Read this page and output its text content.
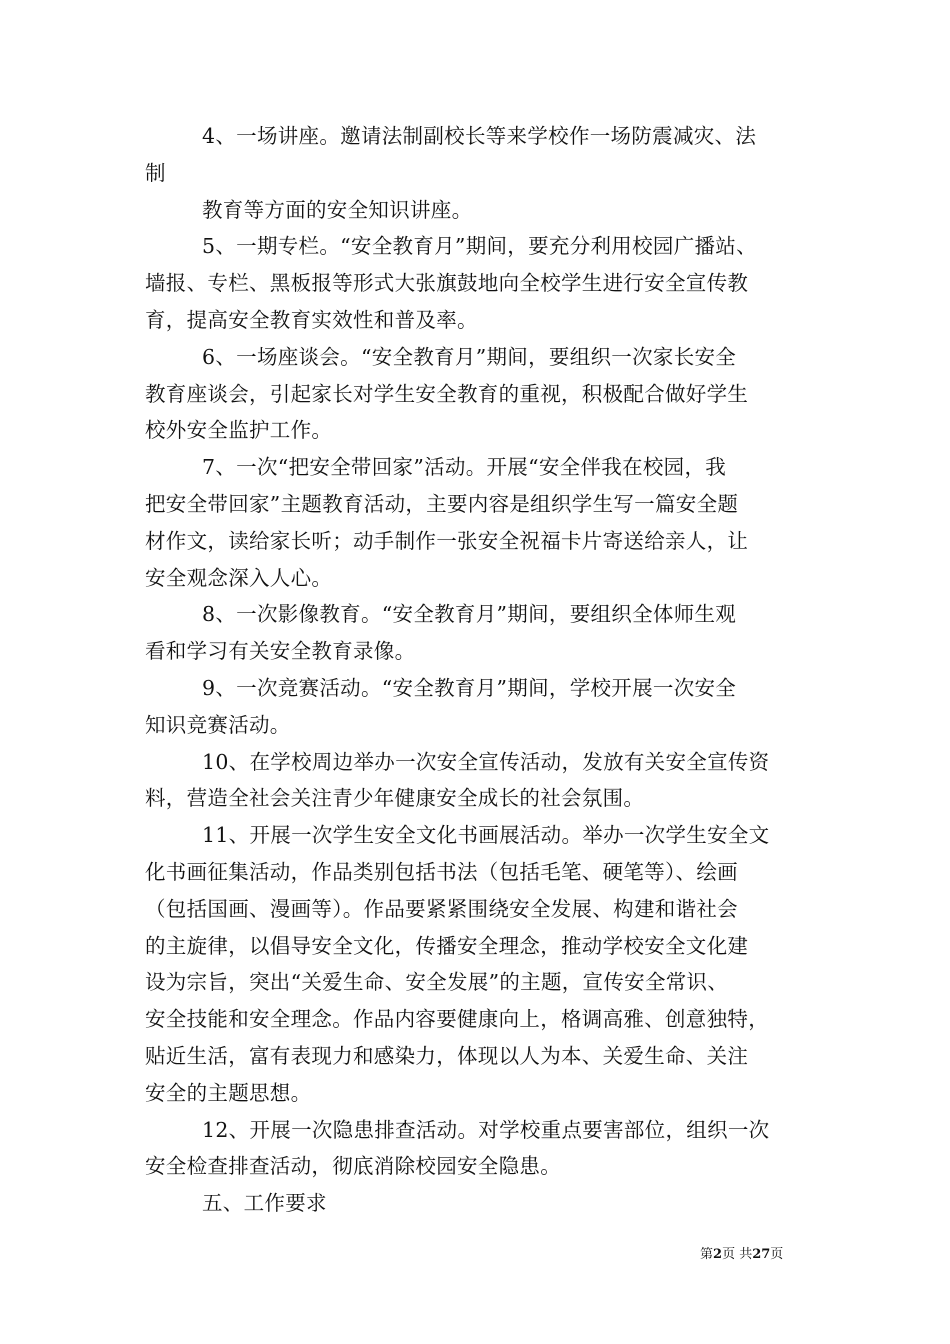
4、一场讲座。邀请法制副校长等来学校作一场防震减灾、法
制
教育等方面的安全知识讲座。
5、一期专栏。“安全教育月”期间，要充分利用校园广播站、
墙报、专栏、黑板报等形式大张旗鼓地向全校学生进行安全宣传教
育，提高安全教育实效性和普及率。
6、一场座谈会。“安全教育月”期间，要组织一次家长安全
教育座谈会，引起家长对学生安全教育的重视，积极配合做好学生
校外安全监护工作。
7、一次“把安全带回家”活动。开展“安全伴我在校园，我
把安全带回家”主题教育活动，主要内容是组织学生写一篇安全题
材作文，读给家长听；动手制作一张安全祝福卡片寄送给亲人，让
安全观念深入人心。
8、一次影像教育。“安全教育月”期间，要组织全体师生观
看和学习有关安全教育录像。
9、一次竞赛活动。“安全教育月”期间，学校开展一次安全
知识竞赛活动。
10、在学校周边举办一次安全宣传活动，发放有关安全宣传资
料，营造全社会关注青少年健康安全成长的社会氛围。
11、开展一次学生安全文化书画展活动。举办一次学生安全文
化书画征集活动，作品类别包括书法（包括毛笔、硬笔等）、绘画
（包括国画、漫画等）。作品要紧紧围绕安全发展、构建和谐社会
的主旋律，以倡导安全文化，传播安全理念，推动学校安全文化建
设为宗旨，突出“关爱生命、安全发展”的主题，宣传安全常识、
安全技能和安全理念。作品内容要健康向上，格调高雅、创意独特，
贴近生活，富有表现力和感染力，体现以人为本、关爱生命、关注
安全的主题思想。
12、开展一次隐患排查活动。对学校重点要害部位，组织一次
安全检查排查活动，彻底消除校园安全隐患。
五、工作要求
第2页 共27页
